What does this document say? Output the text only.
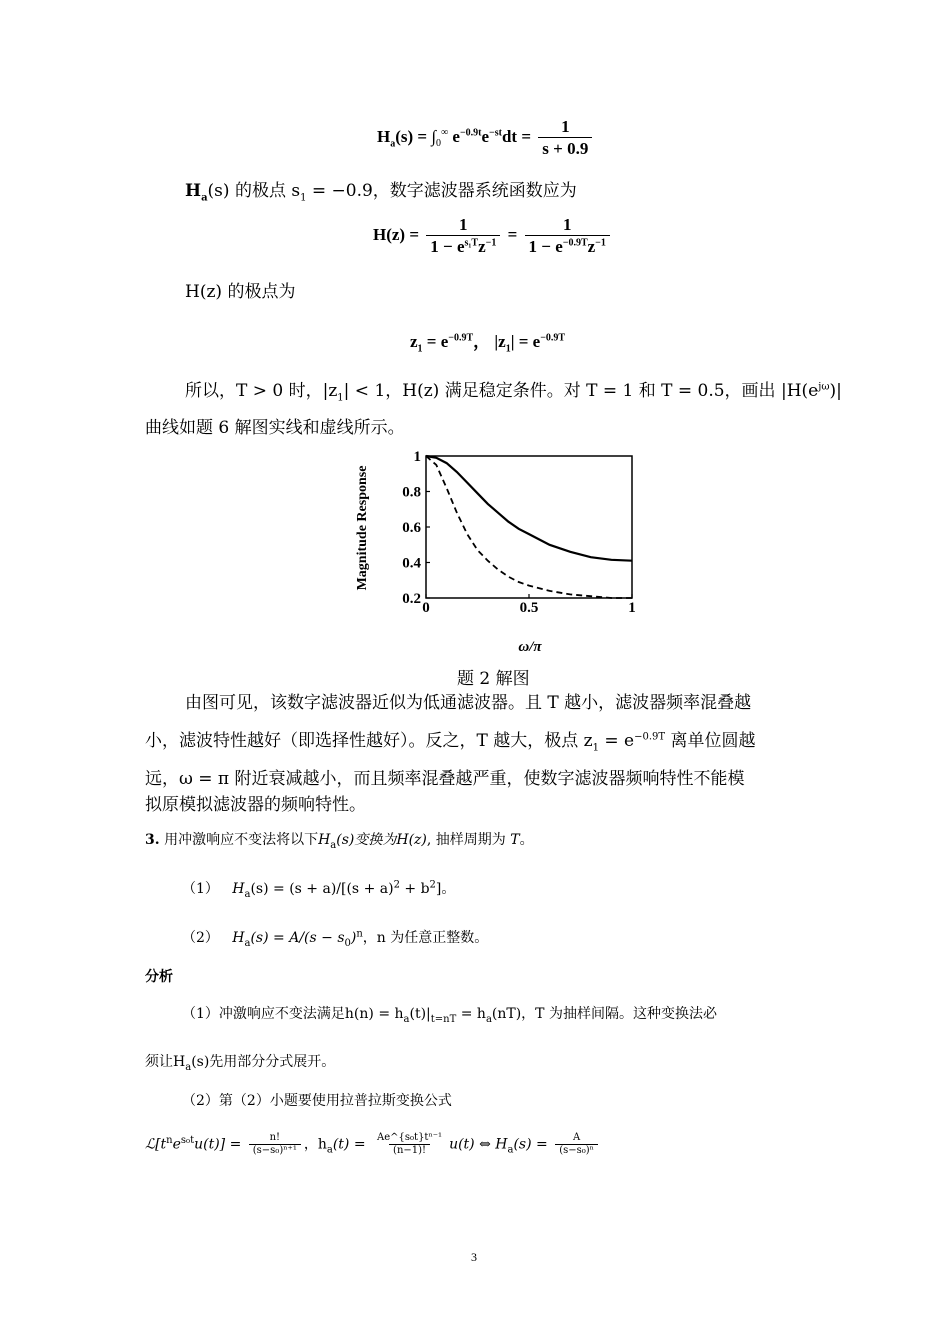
$H_a(s) = \int_0^\infty$ $e^{-0.9t}e^{-st}dt = \frac{1}{s + 0.9}$
$H_a(s)$ 的极点 $s_1 = -0.9$，数字滤波器系统函数应为
$H(z) = \frac{1}{1 - e^{s_1T}z^{-1}} = \frac{1}{1 - e^{-0.9T}z^{-1}}$
H(z) 的极点为
$z_1 = e^{-0.9T}$， $|z_1| = e^{-0.9T}$
所以，T > 0 时，$|z_1| < 1$，H(z) 满足稳定条件。对 T = 1 和 T = 0.5，画出 $|H(e^{j\omega})|$
曲线如题 6 解图实线和虚线所示。
0	0.5	1
0.2
0.4
0.6
0.8
1
Magnitude Response
ω/π
题 2 解图
由图可见，该数字滤波器近似为低通滤波器。且 T 越小，滤波器频率混叠越
小，滤波特性越好（即选择性越好）。反之，T 越大，极点 $z_1 = e^{-0.9T}$ 离单位圆越
远，ω = π 附近衰减越小，而且频率混叠越严重，使数字滤波器频响特性不能模
拟原模拟滤波器的频响特性。
3. 用冲激响应不变法将以下$H_a(s)$变换为H(z), 抽样周期为 T。
（1） $H_a(s) = (s + a)/[(s + a)^2 + b^2]$。
（2） $H_a(s) = A/(s - s_0)^n$，n 为任意正整数。
分析
（1）冲激响应不变法满足$h(n) = h_a(t)|_{t=nT} = h_a(nT)$，T 为抽样间隔。这种变换法必
须让$H_a(s)$先用部分分式展开。
（2）第（2）小题要使用拉普拉斯变换公式
$ℒ[t^ne^{s_0t}u(t)] = \frac{n!}{\text{(s−s₀)ⁿ⁺¹}}$ ，$h_a(t) = \frac{\text{Ae\textasciicircum{}\{s₀t\}tⁿ⁻¹}}{(n-1)!} u(t)$ ⇔ $H_a(s) = \frac{A}{\text{(s−s₀)ⁿ}}$
3
